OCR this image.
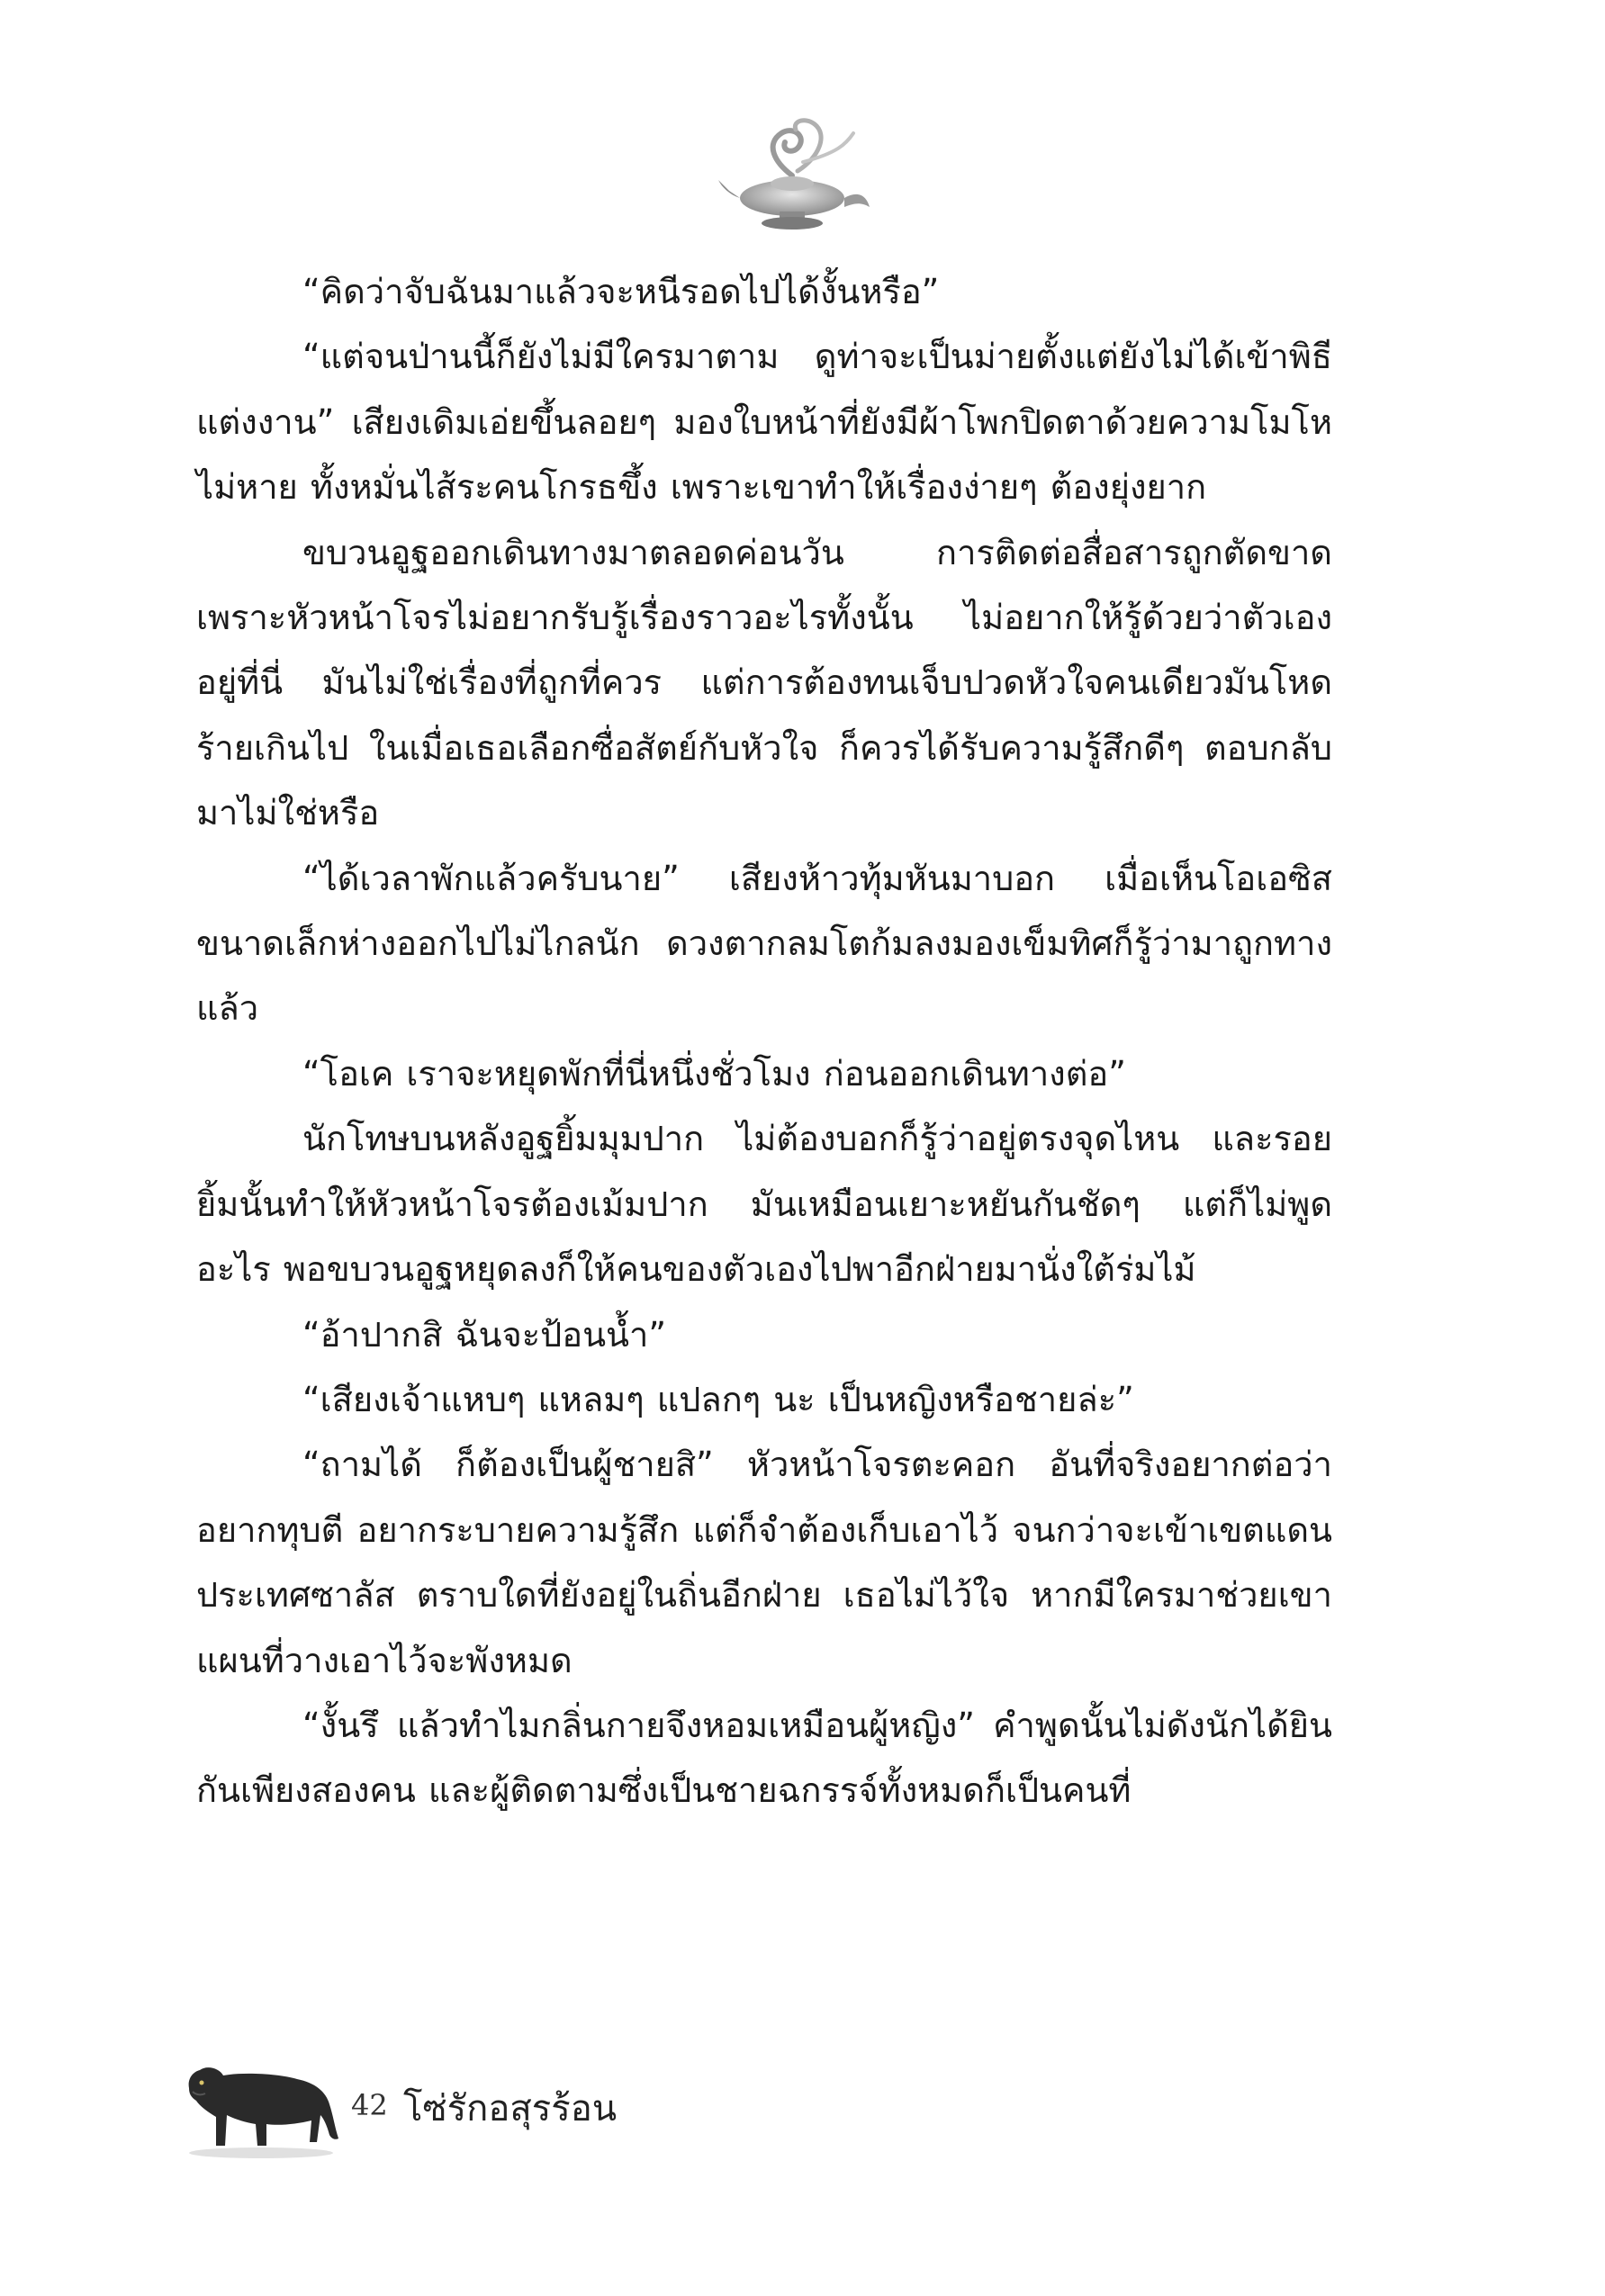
“คิดว่าจับฉันมาแล้วจะหนีรอดไปได้งั้นหรือ”

“แต่จนป่านนี้ก็ยังไม่มีใครมาตาม ดูท่าจะเป็นม่ายตั้งแต่ยังไม่ได้เข้าพิธีแต่งงาน” เสียงเดิมเอ่ยขึ้นลอยๆ มองใบหน้าที่ยังมีผ้าโพกปิดตาด้วยความโมโหไม่หาย ทั้งหมั่นไส้ระคนโกรธขึ้ง เพราะเขาทำให้เรื่องง่ายๆ ต้องยุ่งยาก

ขบวนอูฐออกเดินทางมาตลอดค่อนวัน การติดต่อสื่อสารถูกตัดขาดเพราะหัวหน้าโจรไม่อยากรับรู้เรื่องราวอะไรทั้งนั้น ไม่อยากให้รู้ด้วยว่าตัวเองอยู่ที่นี่ มันไม่ใช่เรื่องที่ถูกที่ควร แต่การต้องทนเจ็บปวดหัวใจคนเดียวมันโหดร้ายเกินไป ในเมื่อเธอเลือกซื่อสัตย์กับหัวใจ ก็ควรได้รับความรู้สึกดีๆ ตอบกลับมาไม่ใช่หรือ

“ได้เวลาพักแล้วครับนาย” เสียงห้าวทุ้มหันมาบอก เมื่อเห็นโอเอซิสขนาดเล็กห่างออกไปไม่ไกลนัก ดวงตากลมโตก้มลงมองเข็มทิศก็รู้ว่ามาถูกทางแล้ว

“โอเค เราจะหยุดพักที่นี่หนึ่งชั่วโมง ก่อนออกเดินทางต่อ”

นักโทษบนหลังอูฐยิ้มมุมปาก ไม่ต้องบอกก็รู้ว่าอยู่ตรงจุดไหน และรอยยิ้มนั้นทำให้หัวหน้าโจรต้องเม้มปาก มันเหมือนเยาะหยันกันชัดๆ แต่ก็ไม่พูดอะไร พอขบวนอูฐหยุดลงก็ให้คนของตัวเองไปพาอีกฝ่ายมานั่งใต้ร่มไม้

“อ้าปากสิ ฉันจะป้อนน้ำ”

“เสียงเจ้าแหบๆ แหลมๆ แปลกๆ นะ เป็นหญิงหรือชายล่ะ”

“ถามได้ ก็ต้องเป็นผู้ชายสิ” หัวหน้าโจรตะคอก อันที่จริงอยากต่อว่า อยากทุบตี อยากระบายความรู้สึก แต่ก็จำต้องเก็บเอาไว้ จนกว่าจะเข้าเขตแดนประเทศซาลัส ตราบใดที่ยังอยู่ในถิ่นอีกฝ่าย เธอไม่ไว้ใจ หากมีใครมาช่วยเขา แผนที่วางเอาไว้จะพังหมด

“งั้นรึ แล้วทำไมกลิ่นกายจึงหอมเหมือนผู้หญิง” คำพูดนั้นไม่ดังนักได้ยินกันเพียงสองคน และผู้ติดตามซึ่งเป็นชายฉกรรจ์ทั้งหมดก็เป็นคนที่

42 โซ่รักอสุรร้อน
